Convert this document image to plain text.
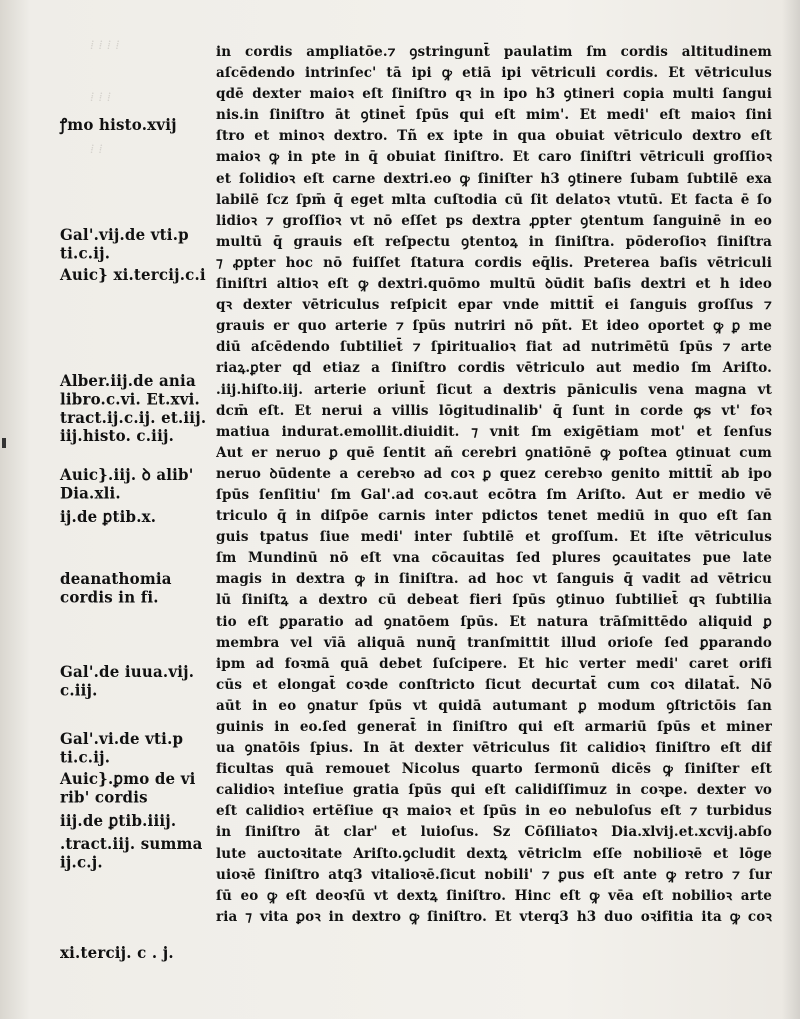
⁞ ⁞ ⁞ ⁞
⁞ ⁞ ⁞
⁞ ⁞
ꝭmo histo.xvij
Gal'.vij.de vti.p ti.c.ij.
Auic} xi.tercij.c.i
Alber.iij.de ania libro.c.vi. Et.xvi. tract.ij.c.ij. et.iij. iij.histo. c.iij.
Auic}.iij. ꝺ alib' Dia.xli.
ij.de ꝑtib.x.
deanathomia cordis in fi.
Gal'.de iuua.vij. c.iij.
Gal'.vi.de vti.p ti.c.ij.
Auic}.ꝑmo de vi rib' cordis
iij.de ꝑtib.iiij.
.tract.iij. summa ij.c.j.
xi.tercij. c . j.
in cordis ampliatōe.⁊ ꝯstringunt̄ paulatim ſm cordis altitudinem
aſcēdendo intrinſec' tā ipi ꝙ etiā ipi vētriculi cordis. Et vētriculus
qdē dexter maioꝛ eſt ſiniſtro qꝛ in ipo h3 ꝯtineri copia multi ſangui
nis.in ſiniſtro āt ꝯtinet̄ ſpūs qui eſt mim'. Et medi' eſt maioꝛ ſini
ſtro et minoꝛ dextro. Tñ ex ipte in qua obuiat vētriculo dextro eſt
maioꝛ ꝙ in pte in q̄ obuiat ſiniſtro. Et caro ſiniſtri vētriculi groſſioꝛ
et ſolidioꝛ eſt carne dextri.eo ꝙ ſiniſter h3 ꝯtinere ſubam ſubtilē exa
labilē ſcz ſpm̄ q̄ eget mlta cuſtodia cū ſit delatoꝛ vtutū. Et facta ē ſo
lidioꝛ ⁊ groſſioꝛ vt nō eſſet ps dextra ꝓpter ꝯtentum ſanguinē in eo
multū q̄ grauis eſt reſpectu ꝯtentoꝝ in ſiniſtra. pōderoſioꝛ ſiniſtra
⁊ ꝓpter hoc nō fuiſſet ſtatura cordis eq̄lis. Preterea baſis vētriculi
ſiniſtri altioꝛ eſt ꝙ dextri.quōmo multū ꝺūdit baſis dextri et h ideo
qꝛ dexter vētriculus reſpicit epar vnde mittit̄ ei ſanguis groſſus ⁊
grauis er quo arterie ⁊ ſpūs nutriri nō pñt. Et ideo oportet ꝙ ꝑ me
diū aſcēdendo ſubtiliet̄ ⁊ ſpiritualioꝛ fiat ad nutrimētū ſpūs ⁊ arte
riaꝝ.ꝑter qd etiaz a ſiniſtro cordis vētriculo aut medio ſm Ariſto.
.iij.hiſto.iij. arterie oriunt̄ ſicut a dextris pāniculis vena magna vt
dcm̄ eſt. Et nerui a villis lōgitudinalib' q̄ ſunt in corde ꝙs vt' foꝛ
matiua indurat.emollit.diuidit. ⁊ vnit ſm exigētiam mot' et ſenſus
Aut er neruo ꝑ quē ſentit añ cerebri ꝯnatiōnē ꝙ poſtea ꝯtinuat cum
neruo ꝺūdente a cerebꝛo ad coꝛ ꝑ quez cerebꝛo genito mittit̄ ab ipo
ſpūs ſenſitiu' ſm Gal'.ad coꝛ.aut ecōtra ſm Ariſto. Aut er medio vē
triculo q̄ in diſpōe carnis inter pdictos tenet mediū in quo eſt ſan
guis tpatus ſiue medi' inter ſubtilē et groſſum. Et iſte vētriculus
ſm Mundinū nō eſt vna cōcauitas ſed plures ꝯcauitates pue late
magis in dextra ꝙ in ſiniſtra. ad hoc vt ſanguis q̄ vadit ad vētricu
lū ſiniſtꝝ a dextro cū debeat fieri ſpūs ꝯtinuo ſubtiliet̄ qꝛ ſubtilia
tio eſt ꝑparatio ad ꝯnatōem ſpūs. Et natura trāſmittēdo aliquid ꝑ
membra vel vīā aliquā nunq̄ tranſmittit illud orioſe ſed ꝑparando
ipm ad foꝛmā quā debet ſuſcipere. Et hic verter medi' caret orifi
cūs et elongat̄ coꝛde conſtricto ſicut decurtat̄ cum coꝛ dilatat̄. Nō
aūt in eo ꝯnatur ſpūs vt quidā autumant ꝑ modum ꝯſtrictōis ſan
guinis in eo.ſed generat̄ in ſiniſtro qui eſt armariū ſpūs et miner
ua ꝯnatōis ſpius. In āt dexter vētriculus ſit calidioꝛ ſiniſtro eſt dif
ficultas quā remouet Nicolus quarto ſermonū dicēs ꝙ ſiniſter eſt
calidioꝛ inteſiue gratia ſpūs qui eſt calidiſſimuz in coꝛpe. dexter vo
eſt calidioꝛ ertēſiue qꝛ maioꝛ et ſpūs in eo nebuloſus eſt ⁊ turbidus
in ſiniſtro āt clar' et luioſus. Sz Cōſiliatoꝛ Dia.xlvij.et.xcvij.abſo
lute auctoꝛitate Ariſto.ꝯcludit dextꝝ vētriclm eſſe nobilioꝛē et lōge
uioꝛē ſiniſtro atq3 vitalioꝛē.ſicut nobili' ⁊ ꝑus eſt ante ꝙ retro ⁊ ſur
ſū eo ꝙ eſt deoꝛſū vt dextꝝ ſiniſtro. Hinc eſt ꝙ vēa eſt nobilioꝛ arte
ria ⁊ vita ꝑoꝛ in dextro ꝙ ſiniſtro. Et vterq3 h3 duo oꝛifitia ita ꝙ coꝛ
